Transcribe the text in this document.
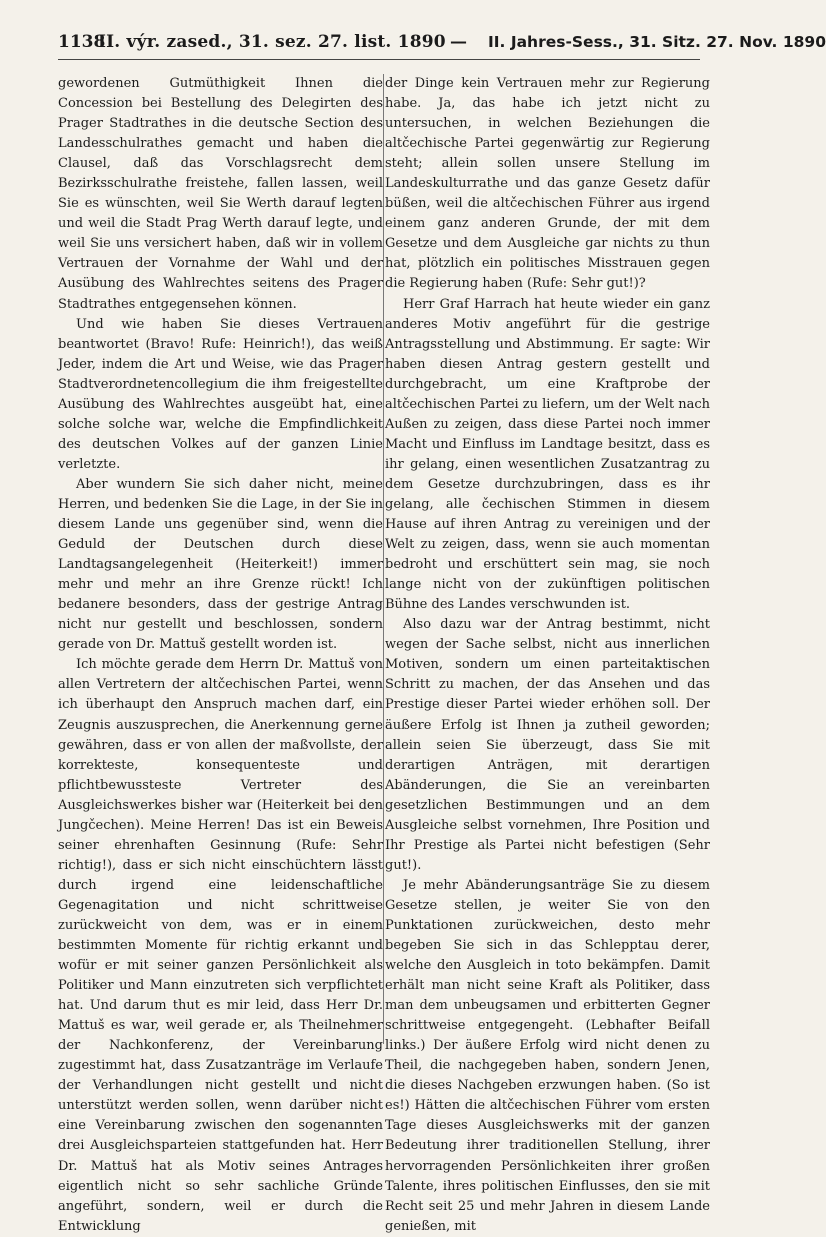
1138
II. výr. zased., 31. sez. 27. list. 1890 — II. Jahres-Sess., 31. Sitz. 27. Nov. 1890

gewordenen Gutmüthigkeit Ihnen die Concession bei Bestellung des Delegirten des Prager Stadtrathes in die deutsche Section des Landesschulrathes gemacht und haben die Clausel, daß das Vorschlagsrecht dem Bezirksschulrathe freistehe, fallen lassen, weil Sie es wünschten, weil Sie Werth darauf legten und weil die Stadt Prag Werth darauf legte, und weil Sie uns versichert haben, daß wir in vollem Vertrauen der Vornahme der Wahl und der Ausübung des Wahlrechtes seitens des Prager Stadtrathes entgegensehen können.

Und wie haben Sie dieses Vertrauen beantwortet (Bravo! Rufe: Heinrich!), das weiß Jeder, indem die Art und Weise, wie das Prager Stadtverordnetencollegium die ihm freigestellte Ausübung des Wahlrechtes ausgeübt hat, eine solche solche war, welche die Empfindlichkeit des deutschen Volkes auf der ganzen Linie verletzte.

Aber wundern Sie sich daher nicht, meine Herren, und bedenken Sie die Lage, in der Sie in diesem Lande uns gegenüber sind, wenn die Geduld der Deutschen durch diese Landtagsangelegenheit (Heiterkeit!) immer mehr und mehr an ihre Grenze rückt! Ich bedanere besonders, dass der gestrige Antrag nicht nur gestellt und beschlossen, sondern gerade von Dr. Mattuš gestellt worden ist.

Ich möchte gerade dem Herrn Dr. Mattuš von allen Vertretern der altčechischen Partei, wenn ich überhaupt den Anspruch machen darf, ein Zeugnis auszusprechen, die Anerkennung gerne gewähren, dass er von allen der maßvollste, der korrekteste, konsequenteste und pflichtbewussteste Vertreter des Ausgleichswerkes bisher war (Heiterkeit bei den Jungčechen). Meine Herren! Das ist ein Beweis seiner ehrenhaften Gesinnung (Rufe: Sehr richtig!), dass er sich nicht einschüchtern lässt durch irgend eine leidenschaftliche Gegenagitation und nicht schrittweise zurückweicht von dem, was er in einem bestimmten Momente für richtig erkannt und wofür er mit seiner ganzen Persönlichkeit als Politiker und Mann einzutreten sich verpflichtet hat. Und darum thut es mir leid, dass Herr Dr. Mattuš es war, weil gerade er, als Theilnehmer der Nachkonferenz, der Vereinbarung zugestimmt hat, dass Zusatzanträge im Verlaufe der Verhandlungen nicht gestellt und nicht unterstützt werden sollen, wenn darüber nicht eine Vereinbarung zwischen den sogenannten drei Ausgleichsparteien stattgefunden hat. Herr Dr. Mattuš hat als Motiv seines Antrages eigentlich nicht so sehr sachliche Gründe angeführt, sondern, weil er durch die Entwicklung

der Dinge kein Vertrauen mehr zur Regierung habe. Ja, das habe ich jetzt nicht zu untersuchen, in welchen Beziehungen die altčechische Partei gegenwärtig zur Regierung steht; allein sollen unsere Stellung im Landeskulturrathe und das ganze Gesetz dafür büßen, weil die altčechischen Führer aus irgend einem ganz anderen Grunde, der mit dem Gesetze und dem Ausgleiche gar nichts zu thun hat, plötzlich ein politisches Misstrauen gegen die Regierung haben (Rufe: Sehr gut!)?

Herr Graf Harrach hat heute wieder ein ganz anderes Motiv angeführt für die gestrige Antragsstellung und Abstimmung. Er sagte: Wir haben diesen Antrag gestern gestellt und durchgebracht, um eine Kraftprobe der altčechischen Partei zu liefern, um der Welt nach Außen zu zeigen, dass diese Partei noch immer Macht und Einfluss im Landtage besitzt, dass es ihr gelang, einen wesentlichen Zusatzantrag zu dem Gesetze durchzubringen, dass es ihr gelang, alle čechischen Stimmen in diesem Hause auf ihren Antrag zu vereinigen und der Welt zu zeigen, dass, wenn sie auch momentan bedroht und erschüttert sein mag, sie noch lange nicht von der zukünftigen politischen Bühne des Landes verschwunden ist.

Also dazu war der Antrag bestimmt, nicht wegen der Sache selbst, nicht aus innerlichen Motiven, sondern um einen parteitaktischen Schritt zu machen, der das Ansehen und das Prestige dieser Partei wieder erhöhen soll. Der äußere Erfolg ist Ihnen ja zutheil geworden; allein seien Sie überzeugt, dass Sie mit derartigen Anträgen, mit derartigen Abänderungen, die Sie an vereinbarten gesetzlichen Bestimmungen und an dem Ausgleiche selbst vornehmen, Ihre Position und Ihr Prestige als Partei nicht befestigen (Sehr gut!).

Je mehr Abänderungsanträge Sie zu diesem Gesetze stellen, je weiter Sie von den Punktationen zurückweichen, desto mehr begeben Sie sich in das Schlepptau derer, welche den Ausgleich in toto bekämpfen. Damit erhält man nicht seine Kraft als Politiker, dass man dem unbeugsamen und erbitterten Gegner schrittweise entgegengeht. (Lebhafter Beifall links.) Der äußere Erfolg wird nicht denen zu Theil, die nachgegeben haben, sondern Jenen, die dieses Nachgeben erzwungen haben. (So ist es!) Hätten die altčechischen Führer vom ersten Tage dieses Ausgleichswerks mit der ganzen Bedeutung ihrer traditionellen Stellung, ihrer hervorragenden Persönlichkeiten ihrer großen Talente, ihres politischen Einflusses, den sie mit Recht seit 25 und mehr Jahren in diesem Lande genießen, mit
